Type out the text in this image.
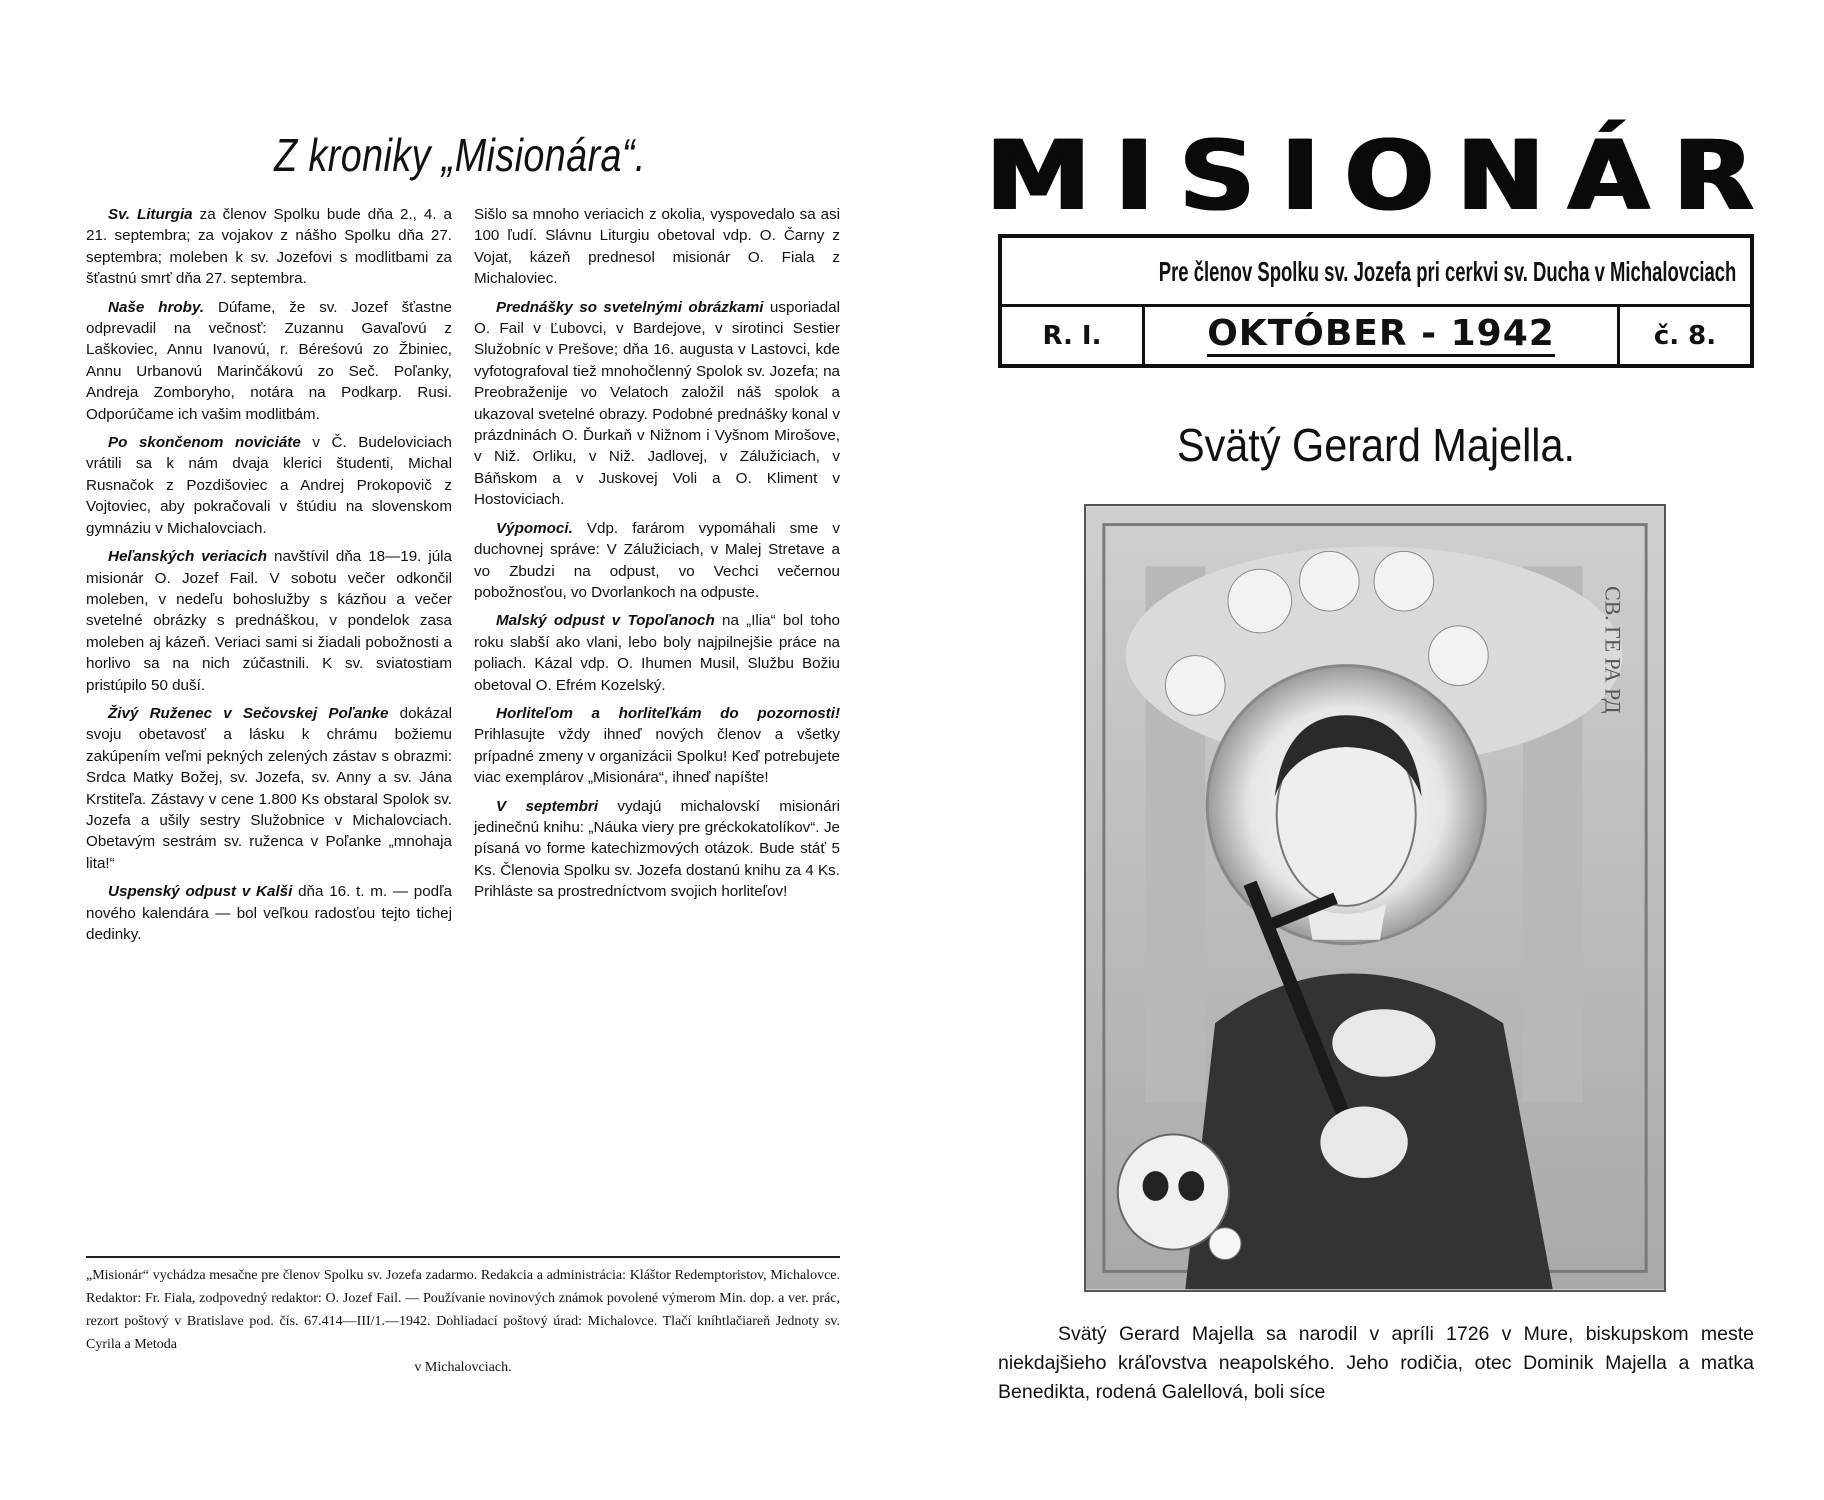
Z kroniky „Misionára“.

Sv. Liturgia za členov Spolku bude dňa 2., 4. a 21. septembra; za vojakov z nášho Spolku dňa 27. septembra; moleben k sv. Jozefovi s modlitbami za šťastnú smrť dňa 27. septembra.

Naše hroby. Dúfame, že sv. Jozef šťastne odprevadil na večnosť: Zuzannu Gavaľovú z Laškoviec, Annu Ivanovú, r. Béreśovú zo Žbiniec, Annu Urbanovú Marinčákovú zo Seč. Poľanky, Andreja Zomboryho, notára na Podkarp. Rusi. Odporúčame ich vašim modlitbám.

Po skončenom noviciáte v Č. Budeloviciach vrátili sa k nám dvaja klerici študenti, Michal Rusnačok z Pozdišoviec a Andrej Prokopovič z Vojtoviec, aby pokračovali v štúdiu na slovenskom gymnáziu v Michalovciach.

Heľanských veriacich navštívil dňa 18—19. júla misionár O. Jozef Fail. V sobotu večer odkončil moleben, v nedeľu bohoslužby s kázňou a večer svetelné obrázky s prednáškou, v pondelok zasa moleben aj kázeň. Veriaci sami si žiadali pobožnosti a horlivo sa na nich zúčastnili. K sv. sviatostiam pristúpilo 50 duší.

Živý Ruženec v Sečovskej Poľanke dokázal svoju obetavosť a lásku k chrámu božiemu zakúpením veľmi pekných zelených zástav s obrazmi: Srdca Matky Božej, sv. Jozefa, sv. Anny a sv. Jána Krstiteľa. Zástavy v cene 1.800 Ks obstaral Spolok sv. Jozefa a ušily sestry Služobnice v Michalovciach. Obetavým sestrám sv. ruženca v Poľanke „mnohaja lita!“

Uspenský odpust v Kalši dňa 16. t. m. — podľa nového kalendára — bol veľkou radosťou tejto tichej dedinky.

Sišlo sa mnoho veriacich z okolia, vyspovedalo sa asi 100 ľudí. Slávnu Liturgiu obetoval vdp. O. Čarny z Vojat, kázeň prednesol misionár O. Fiala z Michaloviec.

Prednášky so svetelnými obrázkami usporiadal O. Fail v Ľubovci, v Bardejove, v sirotinci Sestier Služobníc v Prešove; dňa 16. augusta v Lastovci, kde vyfotografoval tiež mnohočlenný Spolok sv. Jozefa; na Preobraženije vo Velatoch založil náš spolok a ukazoval svetelné obrazy. Podobné prednášky konal v prázdninách O. Ďurkaň v Nižnom i Vyšnom Mirošove, v Niž. Orliku, v Niž. Jadlovej, v Zálužiciach, v Báňskom a v Juskovej Voli a O. Kliment v Hostoviciach.

Výpomoci. Vdp. farárom vypomáhali sme v duchovnej správe: V Zálužiciach, v Malej Stretave a vo Zbudzi na odpust, vo Vechci večernou pobožnosťou, vo Dvorlankoch na odpuste.

Malský odpust v Topoľanoch na „Ilia“ bol toho roku slabší ako vlani, lebo boly najpilnejšie práce na poliach. Kázal vdp. O. Ihumen Musil, Službu Božiu obetoval O. Efrém Kozelský.

Horliteľom a horliteľkám do pozornosti! Prihlasujte vždy ihneď nových členov a všetky prípadné zmeny v organizácii Spolku! Keď potrebujete viac exemplárov „Misionára“, ihneď napíšte!

V septembri vydajú michalovskí misionári jedinečnú knihu: „Náuka viery pre gréckokatolíkov“. Je písaná vo forme katechizmových otázok. Bude stáť 5 Ks. Členovia Spolku sv. Jozefa dostanú knihu za 4 Ks. Prihláste sa prostredníctvom svojich horliteľov!

„Misionár“ vychádza mesačne pre členov Spolku sv. Jozefa zadarmo. Redakcia a administrácia: Kláštor Redemptoristov, Michalovce. Redaktor: Fr. Fiala, zodpovedný redaktor: O. Jozef Fail. — Používanie novinových známok povolené výmerom Min. dop. a ver. prác, rezort poštový v Bratislave pod. čís. 67.414—III/1.—1942. Dohliadací poštový úrad: Michalovce. Tlačí kníhtlačiareň Jednoty sv. Cyrila a Metoda
v Michalovciach.

M I S I O N Á R
Pre členov Spolku sv. Jozefa pri cerkvi sv. Ducha v Michalovciach
R. I.	OKTÓBER - 1942	č. 8.
Svätý Gerard Majella.
СВ. ГЕ РА РД

Svätý Gerard Majella sa narodil v apríli 1726 v Mure, biskupskom meste niekdajšieho kráľovstva neapolského. Jeho rodičia, otec Dominik Majella a matka Benedikta, rodená Galellová, boli síce
